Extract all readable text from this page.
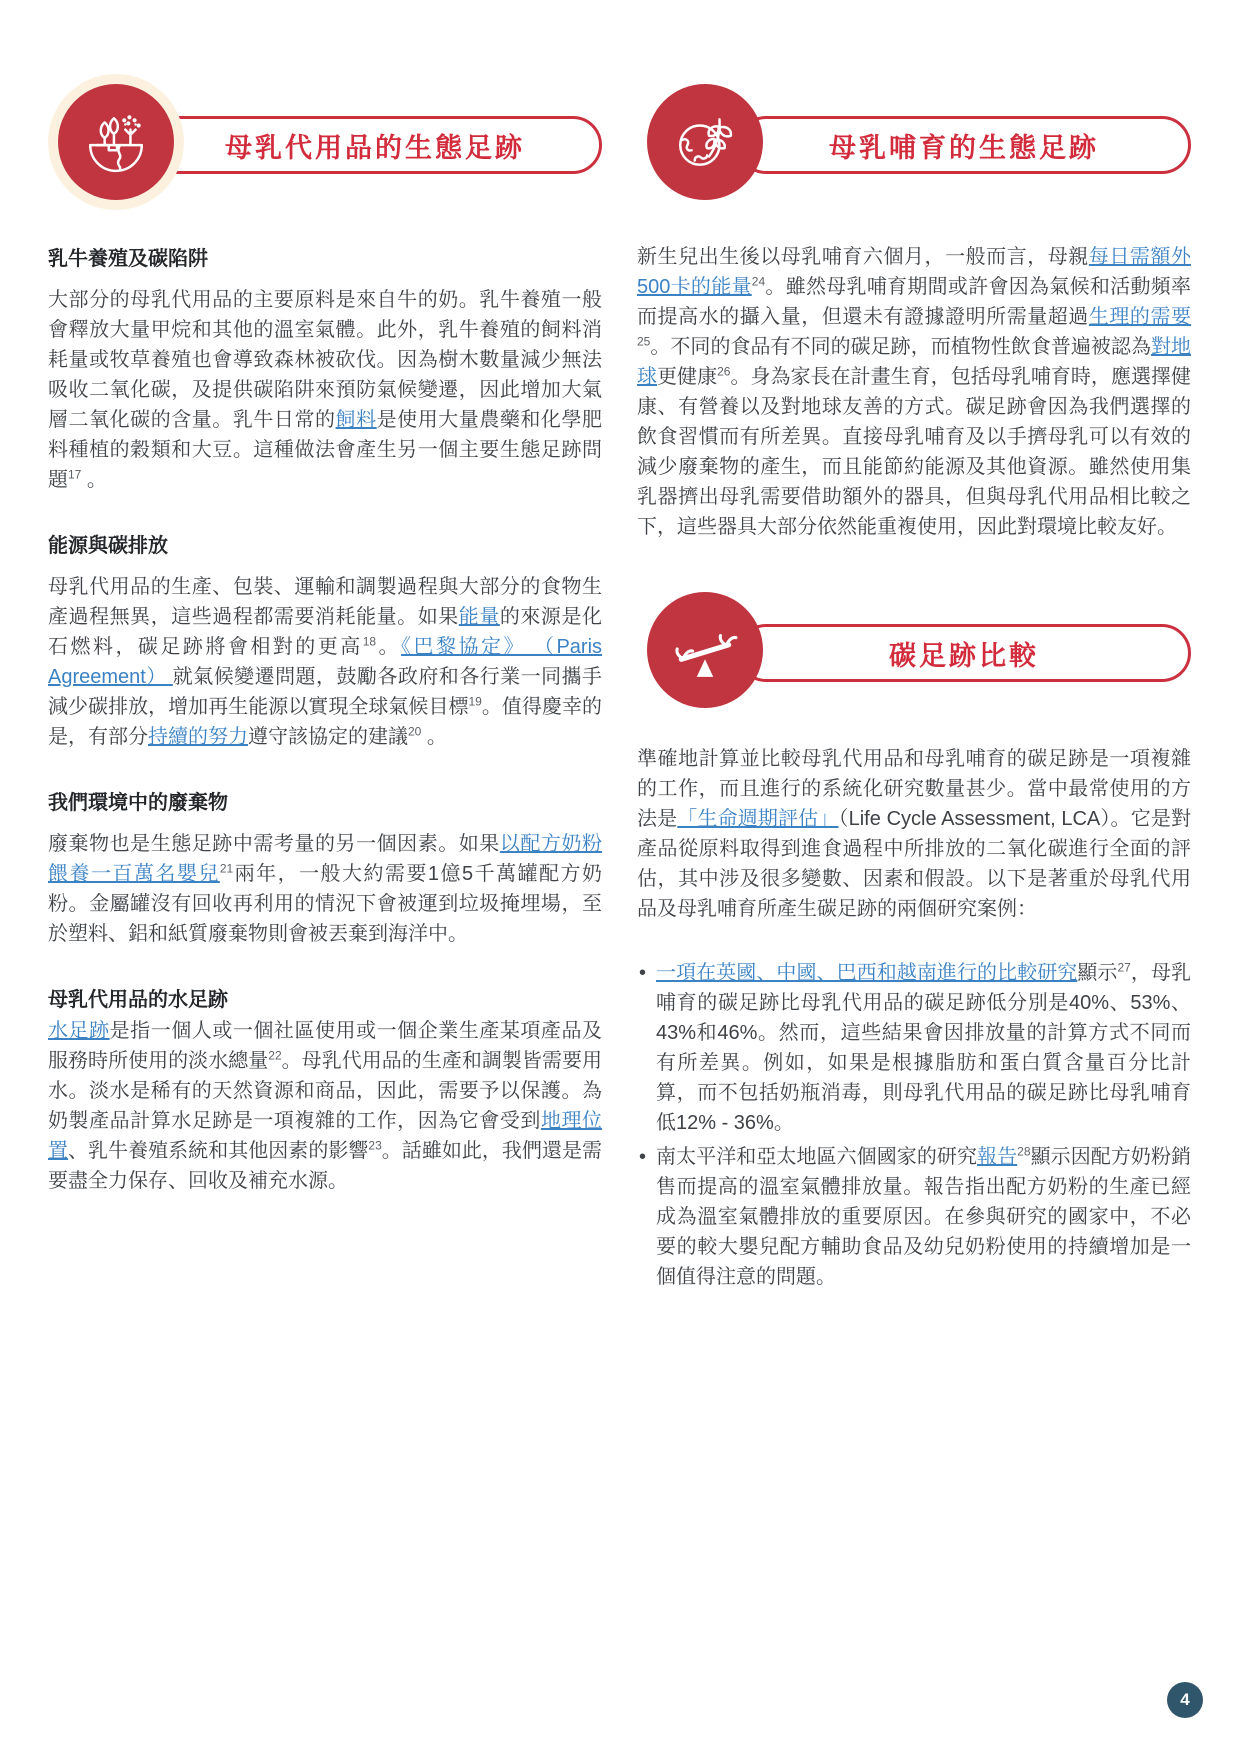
母乳代用品的生態足跡
乳牛養殖及碳陷阱

大部分的母乳代用品的主要原料是來自牛的奶。乳牛養殖一般會釋放大量甲烷和其他的溫室氣體。此外，乳牛養殖的飼料消耗量或牧草養殖也會導致森林被砍伐。因為樹木數量減少無法吸收二氧化碳，及提供碳陷阱來預防氣候變遷，因此增加大氣層二氧化碳的含量。乳牛日常的飼料是使用大量農藥和化學肥料種植的穀類和大豆。這種做法會產生另一個主要生態足跡問題$^{17}$ 。

能源與碳排放

母乳代用品的生產、包裝、運輸和調製過程與大部分的食物生產過程無異，這些過程都需要消耗能量。如果能量的來源是化石燃料，碳足跡將會相對的更高$^{18}$。《巴黎協定》 （Paris Agreement） 就氣候變遷問題，鼓勵各政府和各行業一同攜手減少碳排放，增加再生能源以實現全球氣候目標$^{19}$。值得慶幸的是，有部分持續的努力遵守該協定的建議$^{20}$ 。

我們環境中的廢棄物

廢棄物也是生態足跡中需考量的另一個因素。如果以配方奶粉餵養一百萬名嬰兒$^{21}$兩年，一般大約需要1億5千萬罐配方奶粉。金屬罐沒有回收再利用的情況下會被運到垃圾掩埋場，至於塑料、鋁和紙質廢棄物則會被丟棄到海洋中。

母乳代用品的水足跡

水足跡是指一個人或一個社區使用或一個企業生產某項產品及服務時所使用的淡水總量$^{22}$。母乳代用品的生產和調製皆需要用水。淡水是稀有的天然資源和商品，因此，需要予以保護。為奶製產品計算水足跡是一項複雜的工作，因為它會受到地理位置、乳牛養殖系統和其他因素的影響$^{23}$。話雖如此，我們還是需要盡全力保存、回收及補充水源。

母乳哺育的生態足跡

新生兒出生後以母乳哺育六個月，一般而言，母親每日需額外500卡的能量$^{24}$。雖然母乳哺育期間或許會因為氣候和活動頻率而提高水的攝入量，但還未有證據證明所需量超過生理的需要$^{25}$。不同的食品有不同的碳足跡，而植物性飲食普遍被認為對地球更健康$^{26}$。身為家長在計畫生育，包括母乳哺育時，應選擇健康、有營養以及對地球友善的方式。碳足跡會因為我們選擇的飲食習慣而有所差異。直接母乳哺育及以手擠母乳可以有效的減少廢棄物的產生，而且能節約能源及其他資源。雖然使用集乳器擠出母乳需要借助額外的器具，但與母乳代用品相比較之下，這些器具大部分依然能重複使用，因此對環境比較友好。

碳足跡比較

準確地計算並比較母乳代用品和母乳哺育的碳足跡是一項複雜的工作，而且進行的系統化研究數量甚少。當中最常使用的方法是「生命週期評估」（Life Cycle Assessment, LCA）。它是對產品從原料取得到進食過程中所排放的二氧化碳進行全面的評估，其中涉及很多變數、因素和假設。以下是著重於母乳代用品及母乳哺育所產生碳足跡的兩個研究案例：

• 一項在英國、中國、巴西和越南進行的比較研究顯示$^{27}$，母乳哺育的碳足跡比母乳代用品的碳足跡低分別是40%、53%、43%和46%。然而，這些結果會因排放量的計算方式不同而有所差異。例如，如果是根據脂肪和蛋白質含量百分比計算，而不包括奶瓶消毒，則母乳代用品的碳足跡比母乳哺育低12% - 36%。
• 南太平洋和亞太地區六個國家的研究報告$^{28}$顯示因配方奶粉銷售而提高的溫室氣體排放量。報告指出配方奶粉的生產已經成為溫室氣體排放的重要原因。在參與研究的國家中，不必要的較大嬰兒配方輔助食品及幼兒奶粉使用的持續增加是一個值得注意的問題。
4
